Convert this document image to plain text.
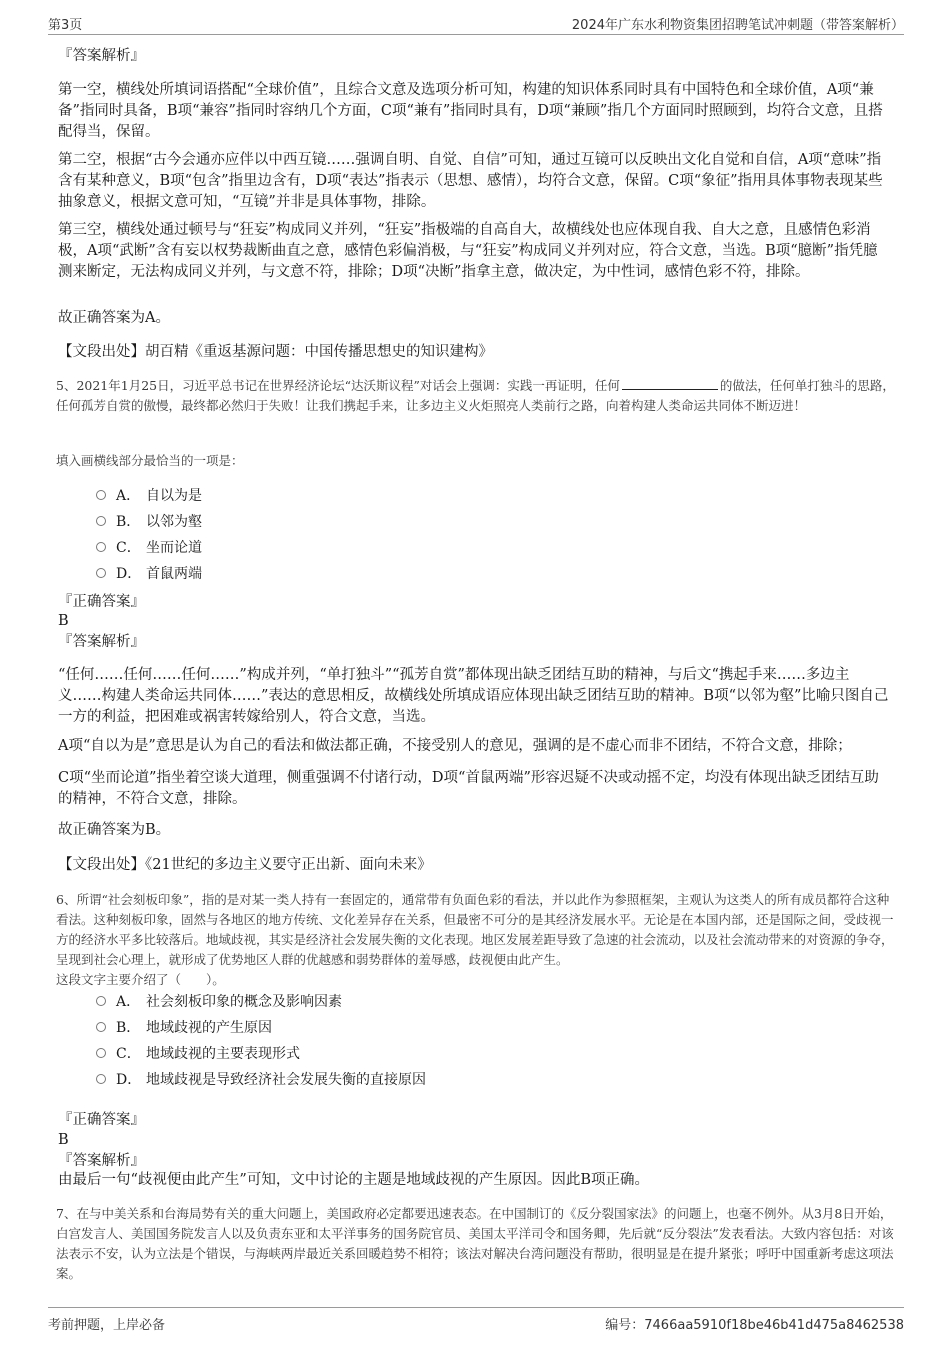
第3页	2024年广东水利物资集团招聘笔试冲刺题（带答案解析）
『答案解析』
第一空，横线处所填词语搭配“全球价值”，且综合文意及选项分析可知，构建的知识体系同时具有中国特色和全球价值，A项“兼备”指同时具备，B项“兼容”指同时容纳几个方面，C项“兼有”指同时具有，D项“兼顾”指几个方面同时照顾到，均符合文意，且搭配得当，保留。
第二空，根据“古今会通亦应伴以中西互镜……强调自明、自觉、自信”可知，通过互镜可以反映出文化自觉和自信，A项“意味”指含有某种意义，B项“包含”指里边含有，D项“表达”指表示（思想、感情），均符合文意，保留。C项“象征”指用具体事物表现某些抽象意义，根据文意可知，“互镜”并非是具体事物，排除。
第三空，横线处通过顿号与“狂妄”构成同义并列，“狂妄”指极端的自高自大，故横线处也应体现自我、自大之意，且感情色彩消极，A项“武断”含有妄以权势裁断曲直之意，感情色彩偏消极，与“狂妄”构成同义并列对应，符合文意，当选。B项“臆断”指凭臆测来断定，无法构成同义并列，与文意不符，排除；D项“决断”指拿主意，做决定，为中性词，感情色彩不符，排除。
故正确答案为A。
【文段出处】胡百精《重返基源问题：中国传播思想史的知识建构》
5、2021年1月25日，习近平总书记在世界经济论坛“达沃斯议程”对话会上强调：实践一再证明，任何	的做法，任何单打独斗的思路，任何孤芳自赏的傲慢，最终都必然归于失败！让我们携起手来，让多边主义火炬照亮人类前行之路，向着构建人类命运共同体不断迈进！
填入画横线部分最恰当的一项是：
A． 自以为是
B． 以邻为壑
C． 坐而论道
D． 首鼠两端
『正确答案』
B
『答案解析』
“任何……任何……任何……”构成并列，“单打独斗”“孤芳自赏”都体现出缺乏团结互助的精神，与后文“携起手来……多边主义……构建人类命运共同体……”表达的意思相反，故横线处所填成语应体现出缺乏团结互助的精神。B项“以邻为壑”比喻只图自己一方的利益，把困难或祸害转嫁给别人，符合文意，当选。
A项“自以为是”意思是认为自己的看法和做法都正确，不接受别人的意见，强调的是不虚心而非不团结，不符合文意，排除；
C项“坐而论道”指坐着空谈大道理，侧重强调不付诸行动，D项“首鼠两端”形容迟疑不决或动摇不定，均没有体现出缺乏团结互助的精神，不符合文意，排除。
故正确答案为B。
【文段出处】《21世纪的多边主义要守正出新、面向未来》
6、所谓“社会刻板印象”，指的是对某一类人持有一套固定的，通常带有负面色彩的看法，并以此作为参照框架，主观认为这类人的所有成员都符合这种看法。这种刻板印象，固然与各地区的地方传统、文化差异存在关系，但最密不可分的是其经济发展水平。无论是在本国内部，还是国际之间，受歧视一方的经济水平多比较落后。地域歧视，其实是经济社会发展失衡的文化表现。地区发展差距导致了急速的社会流动，以及社会流动带来的对资源的争夺，呈现到社会心理上，就形成了优势地区人群的优越感和弱势群体的羞辱感，歧视便由此产生。
这段文字主要介绍了（　　）。
A． 社会刻板印象的概念及影响因素
B． 地域歧视的产生原因
C． 地域歧视的主要表现形式
D． 地域歧视是导致经济社会发展失衡的直接原因
『正确答案』
B
『答案解析』
由最后一句“歧视便由此产生”可知，文中讨论的主题是地域歧视的产生原因。因此B项正确。
7、在与中美关系和台海局势有关的重大问题上，美国政府必定都要迅速表态。在中国制订的《反分裂国家法》的问题上，也毫不例外。从3月8日开始，白宫发言人、美国国务院发言人以及负责东亚和太平洋事务的国务院官员、美国太平洋司令和国务卿，先后就“反分裂法”发表看法。大致内容包括：对该法表示不安，认为立法是个错误，与海峡两岸最近关系回暖趋势不相符；该法对解决台湾问题没有帮助，很明显是在提升紧张；呼吁中国重新考虑这项法案。
考前押题，上岸必备	编号：7466aa5910f18be46b41d475a8462538
